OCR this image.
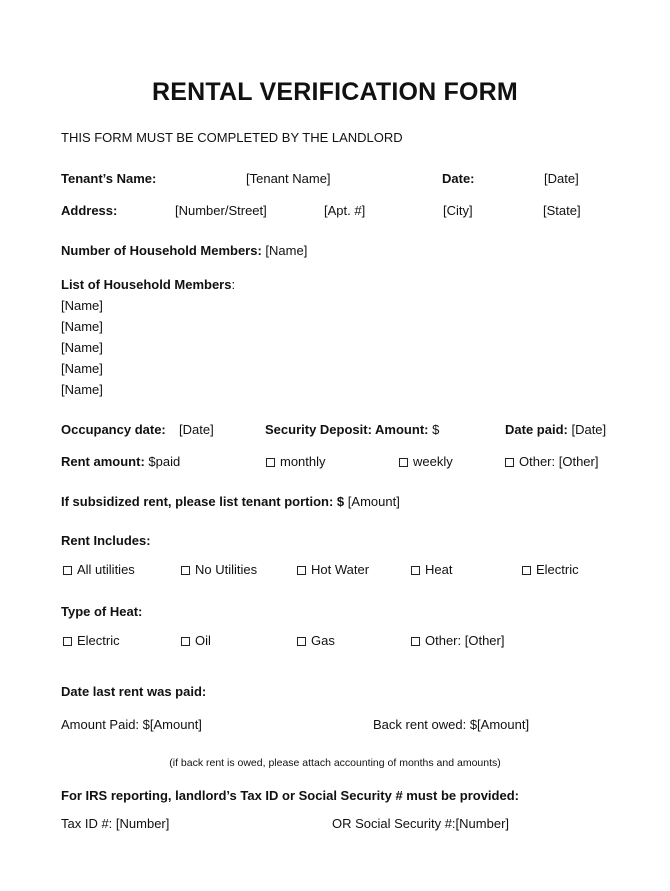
RENTAL VERIFICATION FORM
THIS FORM MUST BE COMPLETED BY THE LANDLORD
Tenant’s Name:	[Tenant Name]	Date:	[Date]
Address:	[Number/Street]	[Apt. #]	[City]	[State]
Number of Household Members: [Name]
List of Household Members:
[Name]
[Name]
[Name]
[Name]
[Name]
Occupancy date: [Date]	Security Deposit: Amount: $	Date paid: [Date]
Rent amount: $paid	monthly	weekly	Other: [Other]
If subsidized rent, please list tenant portion: $ [Amount]
Rent Includes:
All utilities	No Utilities	Hot Water	Heat	Electric
Type of Heat:
Electric	Oil	Gas	Other: [Other]
Date last rent was paid:
Amount Paid: $[Amount]	Back rent owed: $[Amount]
(if back rent is owed, please attach accounting of months and amounts)
For IRS reporting, landlord’s Tax ID or Social Security # must be provided:
Tax ID #: [Number]	OR Social Security #:[Number]
